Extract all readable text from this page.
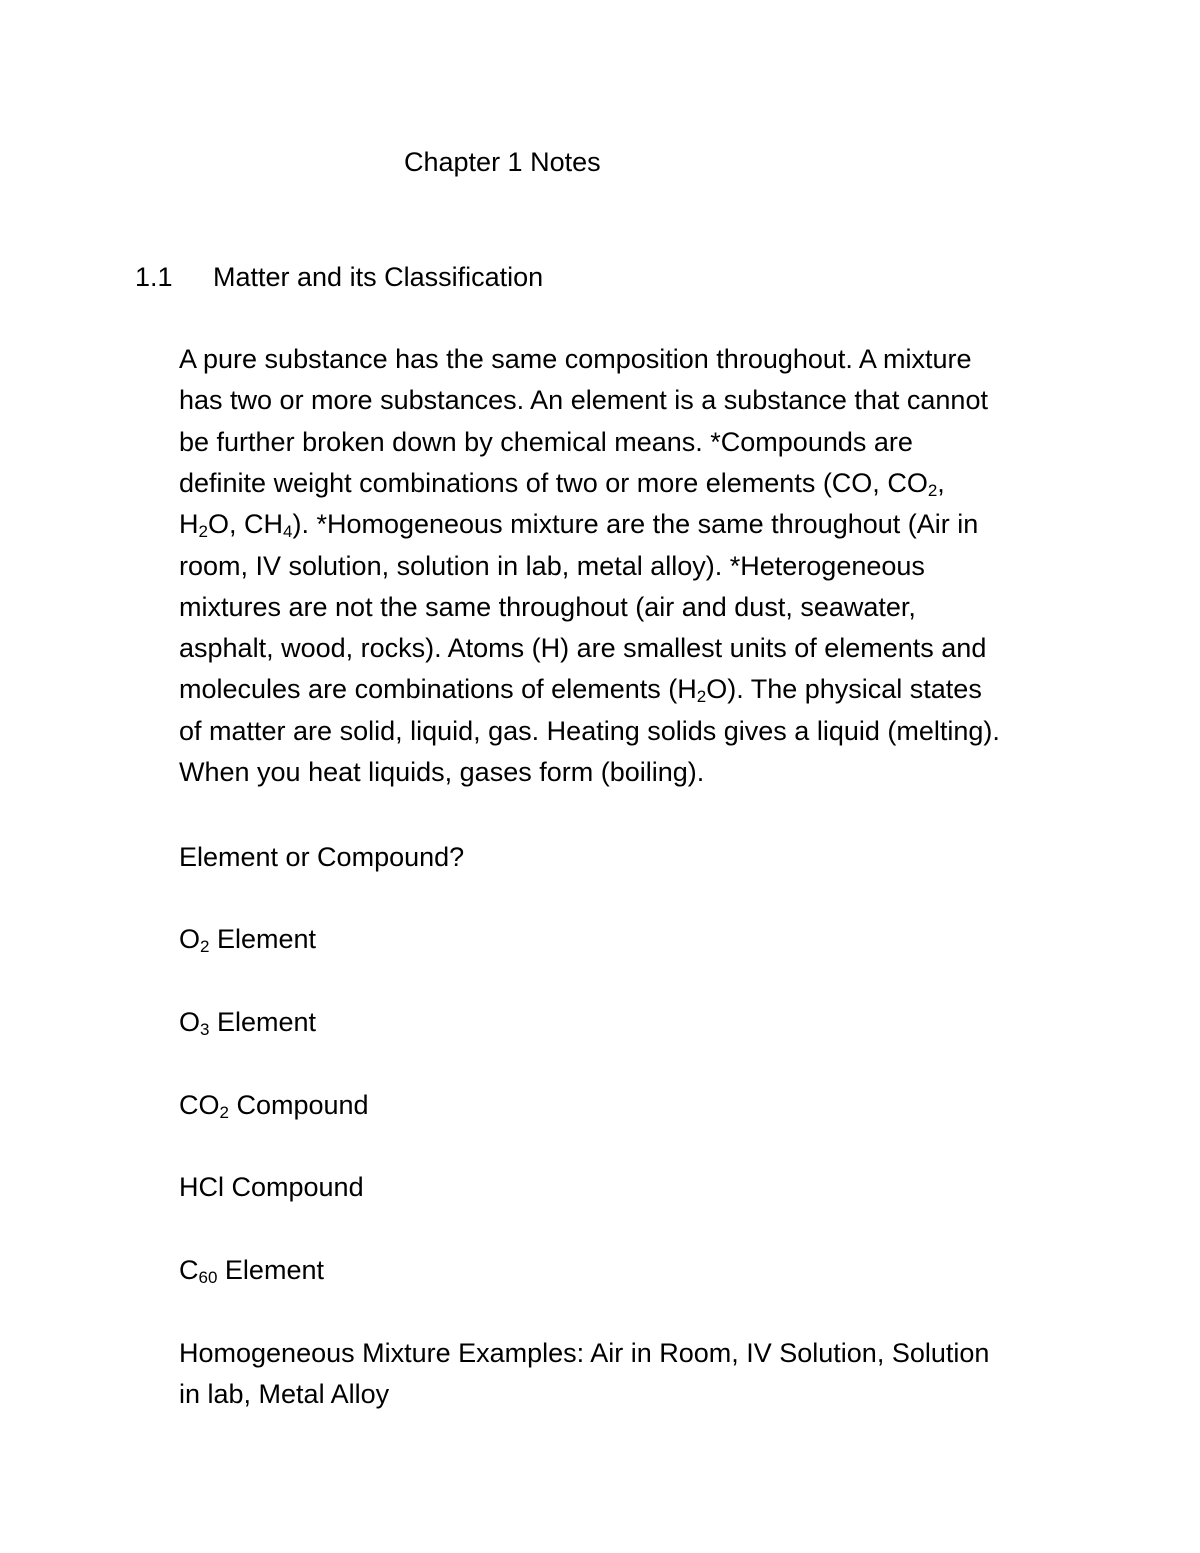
Chapter 1 Notes
1.1 Matter and its Classification
A pure substance has the same composition throughout. A mixture
has two or more substances. An element is a substance that cannot
be further broken down by chemical means. *Compounds are
definite weight combinations of two or more elements (CO, $CO_2$,
$H_2O$, $CH_4$). *Homogeneous mixture are the same throughout (Air in
room, IV solution, solution in lab, metal alloy). *Heterogeneous
mixtures are not the same throughout (air and dust, seawater,
asphalt, wood, rocks). Atoms (H) are smallest units of elements and
molecules are combinations of elements $(H_2O)$. The physical states
of matter are solid, liquid, gas. Heating solids gives a liquid (melting).
When you heat liquids, gases form (boiling).
Element or Compound?
$O_2$ Element
$O_3$ Element
$CO_2$ Compound
HCl Compound
$C_{60}$ Element
Homogeneous Mixture Examples: Air in Room, IV Solution, Solution
in lab, Metal Alloy
